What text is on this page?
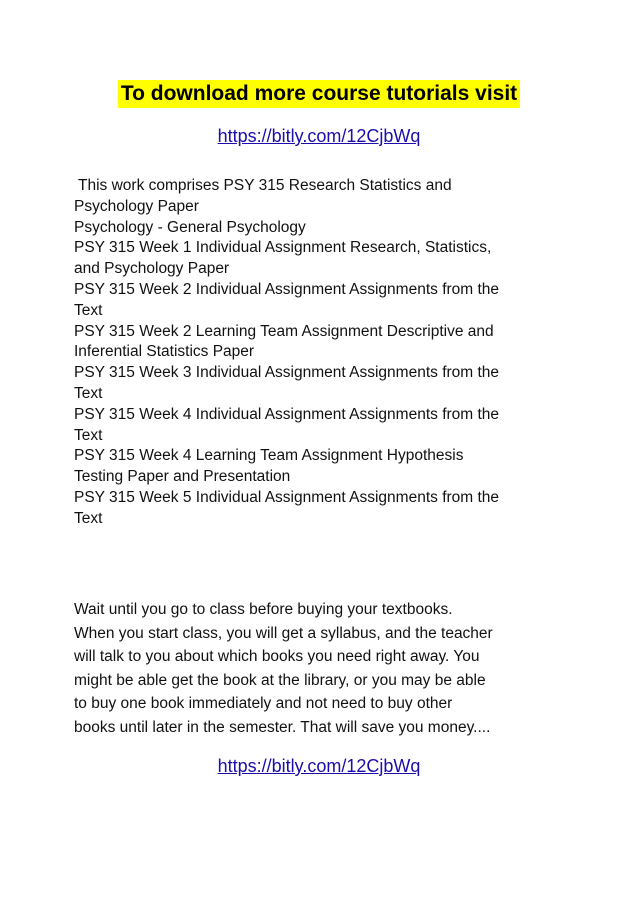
To download more course tutorials visit
https://bitly.com/12CjbWq
This work comprises PSY 315 Research Statistics and
Psychology Paper
Psychology - General Psychology
PSY 315 Week 1 Individual Assignment Research, Statistics,
and Psychology Paper
PSY 315 Week 2 Individual Assignment Assignments from the
Text
PSY 315 Week 2 Learning Team Assignment Descriptive and
Inferential Statistics Paper
PSY 315 Week 3 Individual Assignment Assignments from the
Text
PSY 315 Week 4 Individual Assignment Assignments from the
Text
PSY 315 Week 4 Learning Team Assignment Hypothesis
Testing Paper and Presentation
PSY 315 Week 5 Individual Assignment Assignments from the
Text
Wait until you go to class before buying your textbooks.
When you start class, you will get a syllabus, and the teacher
will talk to you about which books you need right away. You
might be able get the book at the library, or you may be able
to buy one book immediately and not need to buy other
books until later in the semester. That will save you money....
https://bitly.com/12CjbWq
